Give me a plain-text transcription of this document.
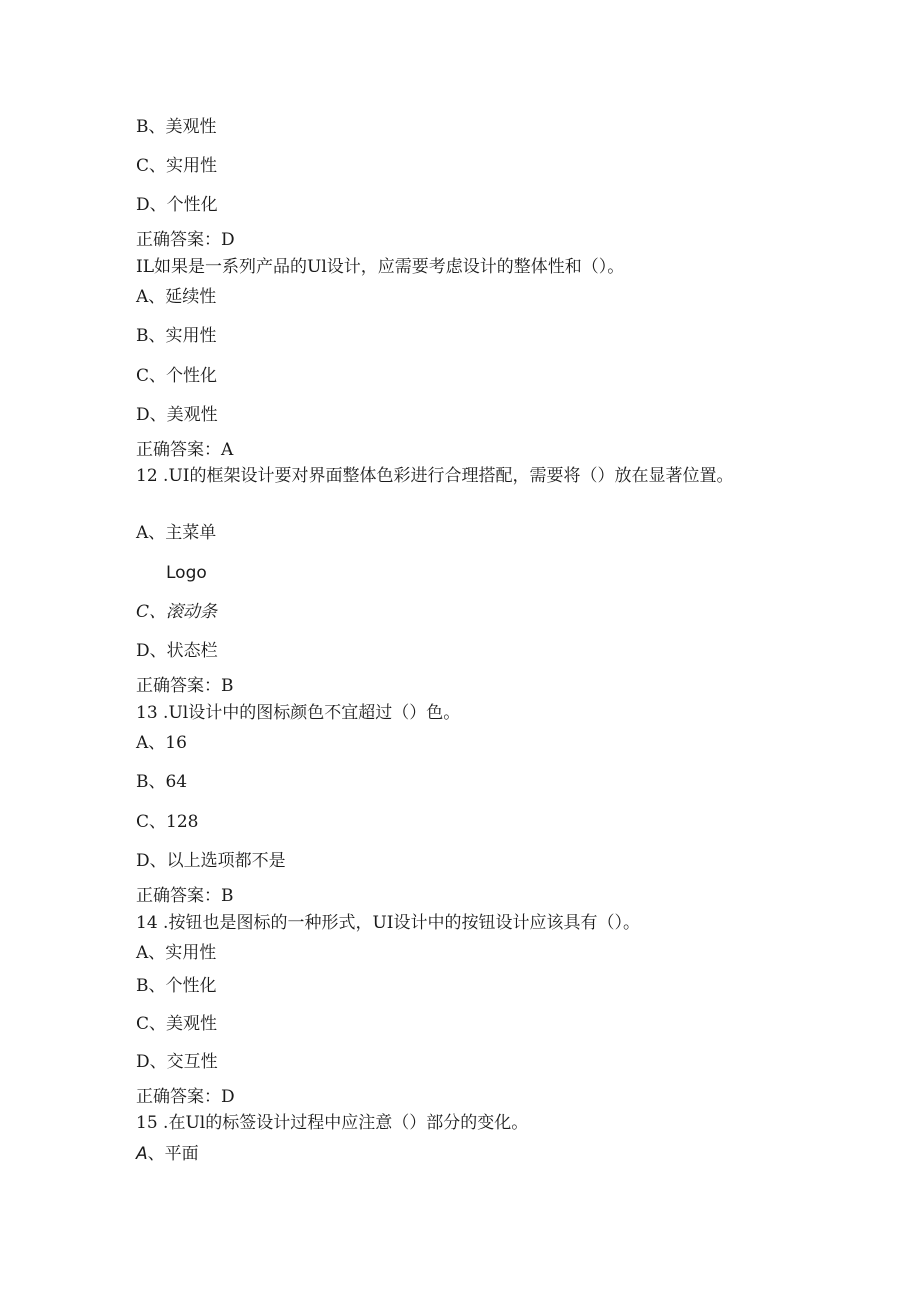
B、美观性

C、实用性

D、个性化

正确答案：D

IL如果是一系列产品的Ul设计，应需要考虑设计的整体性和（）。

A、延续性

B、实用性

C、个性化

D、美观性

正确答案：A

12 .UI的框架设计要对界面整体色彩进行合理搭配，需要将（）放在显著位置。

A、主菜单

Logo

C、滚动条

D、状态栏

正确答案：B

13 .Ul设计中的图标颜色不宜超过（）色。

A、16

B、64

C、128

D、以上选项都不是

正确答案：B

14 .按钮也是图标的一种形式，UI设计中的按钮设计应该具有（）。

A、实用性

B、个性化

C、美观性

D、交互性

正确答案：D

15 .在Ul的标签设计过程中应注意（）部分的变化。

A、平面
